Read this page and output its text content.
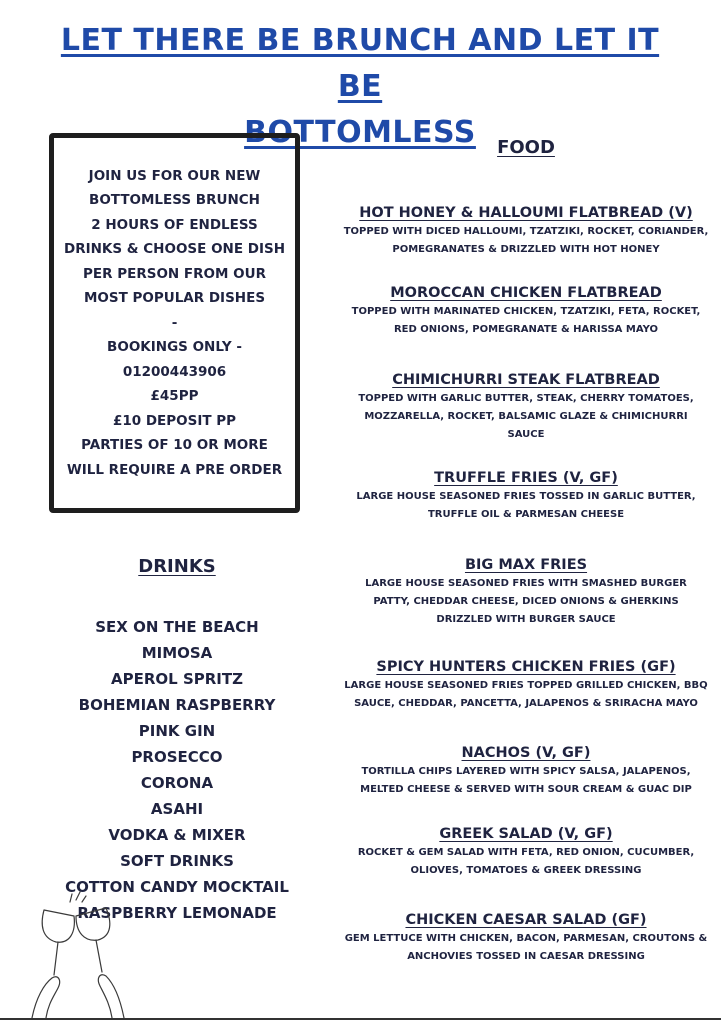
LET THERE BE BRUNCH AND LET IT BE
BOTTOMLESS
JOIN US FOR OUR NEW
BOTTOMLESS BRUNCH
2 HOURS OF ENDLESS
DRINKS & CHOOSE ONE DISH
PER PERSON FROM OUR
MOST POPULAR DISHES
-
BOOKINGS ONLY -
01200443906
£45PP
£10 DEPOSIT PP
PARTIES OF 10 OR MORE
WILL REQUIRE A PRE ORDER
DRINKS
SEX ON THE BEACH
MIMOSA
APEROL SPRITZ
BOHEMIAN RASPBERRY
PINK GIN
PROSECCO
CORONA
ASAHI
VODKA & MIXER
SOFT DRINKS
COTTON CANDY MOCKTAIL
RASPBERRY LEMONADE
FOOD
HOT HONEY & HALLOUMI FLATBREAD (V)
TOPPED WITH DICED HALLOUMI, TZATZIKI, ROCKET, CORIANDER,
POMEGRANATES & DRIZZLED WITH HOT HONEY
MOROCCAN CHICKEN FLATBREAD
TOPPED WITH MARINATED CHICKEN, TZATZIKI, FETA, ROCKET,
RED ONIONS, POMEGRANATE & HARISSA MAYO
CHIMICHURRI STEAK FLATBREAD
TOPPED WITH GARLIC BUTTER, STEAK, CHERRY TOMATOES,
MOZZARELLA, ROCKET, BALSAMIC GLAZE & CHIMICHURRI
SAUCE
TRUFFLE FRIES (V, GF)
LARGE HOUSE SEASONED FRIES TOSSED IN GARLIC BUTTER,
TRUFFLE OIL & PARMESAN CHEESE
BIG MAX FRIES
LARGE HOUSE SEASONED FRIES WITH SMASHED BURGER
PATTY, CHEDDAR CHEESE, DICED ONIONS & GHERKINS
DRIZZLED WITH BURGER SAUCE
SPICY HUNTERS CHICKEN FRIES (GF)
LARGE HOUSE SEASONED FRIES TOPPED GRILLED CHICKEN, BBQ
SAUCE, CHEDDAR, PANCETTA, JALAPENOS & SRIRACHA MAYO
NACHOS (V, GF)
TORTILLA CHIPS LAYERED WITH SPICY SALSA, JALAPENOS,
MELTED CHEESE & SERVED WITH SOUR CREAM & GUAC DIP
GREEK SALAD (V, GF)
ROCKET & GEM SALAD WITH FETA, RED ONION, CUCUMBER,
OLIOVES, TOMATOES & GREEK DRESSING
CHICKEN CAESAR SALAD (GF)
GEM LETTUCE WITH CHICKEN, BACON, PARMESAN, CROUTONS &
ANCHOVIES TOSSED IN CAESAR DRESSING
